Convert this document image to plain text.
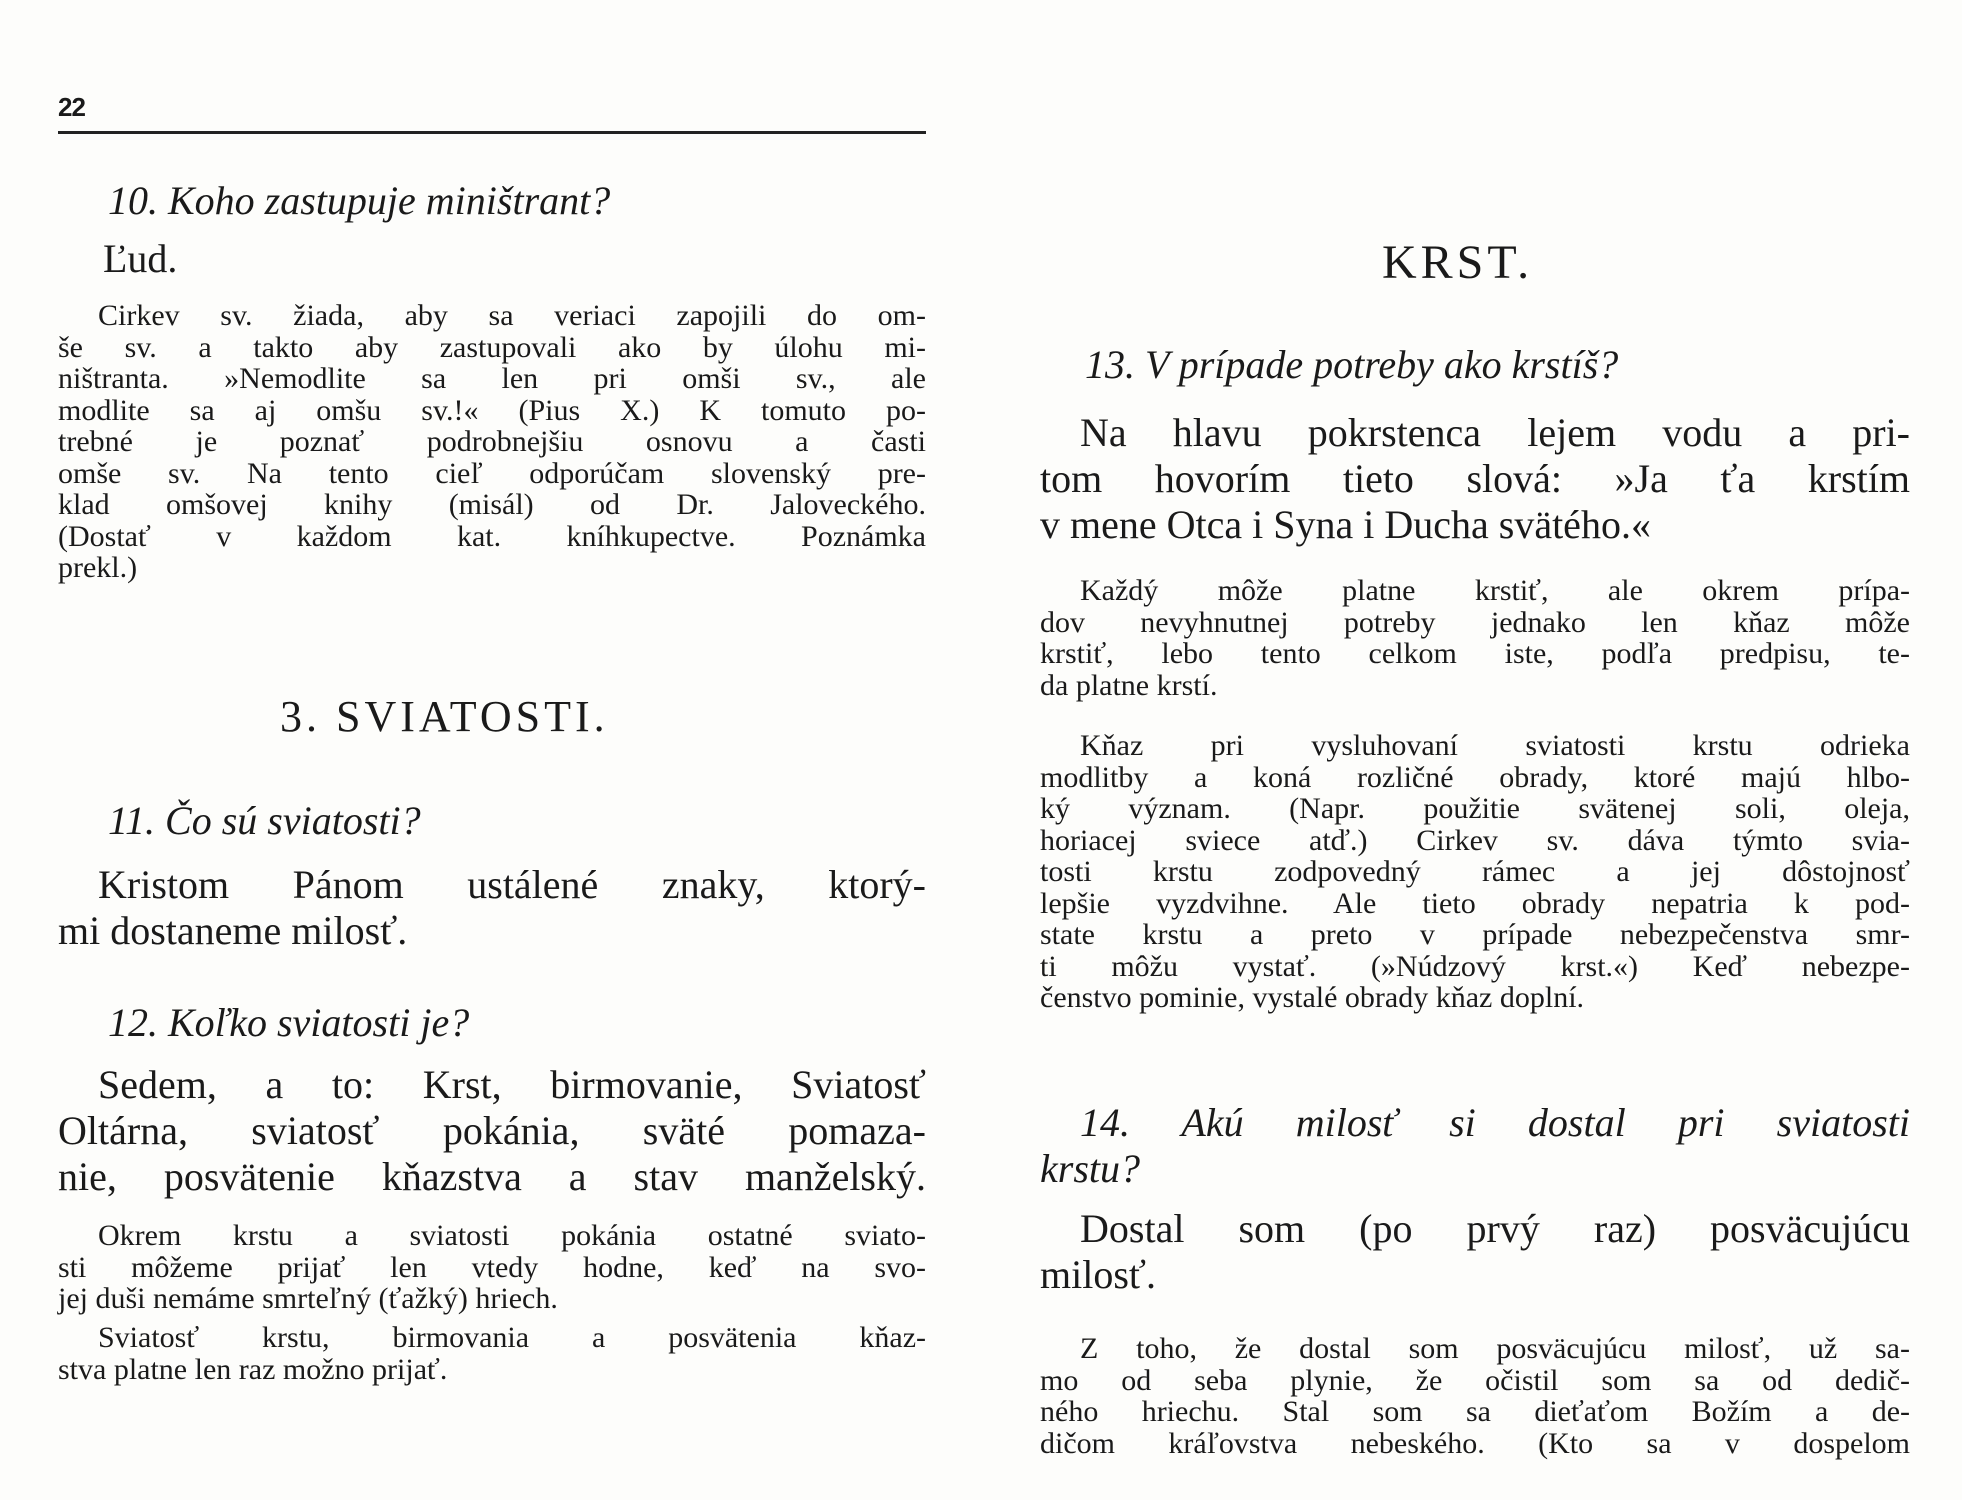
22
10. Koho zastupuje miništrant?

Ľud.

Cirkev sv. žiada, aby sa veriaci zapojili do om-
še sv. a takto aby zastupovali ako by úlohu mi-
ništranta. »Nemodlite sa len pri omši sv., ale
modlite sa aj omšu sv.!« (Pius X.) K tomuto po-
trebné je poznať podrobnejšiu osnovu a časti
omše sv. Na tento cieľ odporúčam slovenský pre-
klad omšovej knihy (misál) od Dr. Jaloveckého.
(Dostať v každom kat. kníhkupectve. Poznámka
prekl.)
3. SVIATOSTI.
11. Čo sú sviatosti?
Kristom Pánom ustálené znaky, ktorý-
mi dostaneme milosť.
12. Koľko sviatosti je?
Sedem, a to: Krst, birmovanie, Sviatosť
Oltárna, sviatosť pokánia, sväté pomaza-
nie, posvätenie kňazstva a stav manželský.
Okrem krstu a sviatosti pokánia ostatné sviato-
sti môžeme prijať len vtedy hodne, keď na svo-
jej duši nemáme smrteľný (ťažký) hriech.
Sviatosť krstu, birmovania a posvätenia kňaz-
stva platne len raz možno prijať.
KRST.
13. V prípade potreby ako krstíš?
Na hlavu pokrstenca lejem vodu a pri-
tom hovorím tieto slová: »Ja ťa krstím
v mene Otca i Syna i Ducha svätého.«
Každý môže platne krstiť, ale okrem prípa-
dov nevyhnutnej potreby jednako len kňaz môže
krstiť, lebo tento celkom iste, podľa predpisu, te-
da platne krstí.
Kňaz pri vysluhovaní sviatosti krstu odrieka
modlitby a koná rozličné obrady, ktoré majú hlbo-
ký význam. (Napr. použitie svätenej soli, oleja,
horiacej sviece atď.) Cirkev sv. dáva týmto svia-
tosti krstu zodpovedný rámec a jej dôstojnosť
lepšie vyzdvihne. Ale tieto obrady nepatria k pod-
state krstu a preto v prípade nebezpečenstva smr-
ti môžu vystať. (»Núdzový krst.«) Keď nebezpe-
čenstvo pominie, vystalé obrady kňaz doplní.
14. Akú milosť si dostal pri sviatosti
krstu?
Dostal som (po prvý raz) posväcujúcu
milosť.
Z toho, že dostal som posväcujúcu milosť, už sa-
mo od seba plynie, že očistil som sa od dedič-
ného hriechu. Stal som sa dieťaťom Božím a de-
dičom kráľovstva nebeského. (Kto sa v dospelom
